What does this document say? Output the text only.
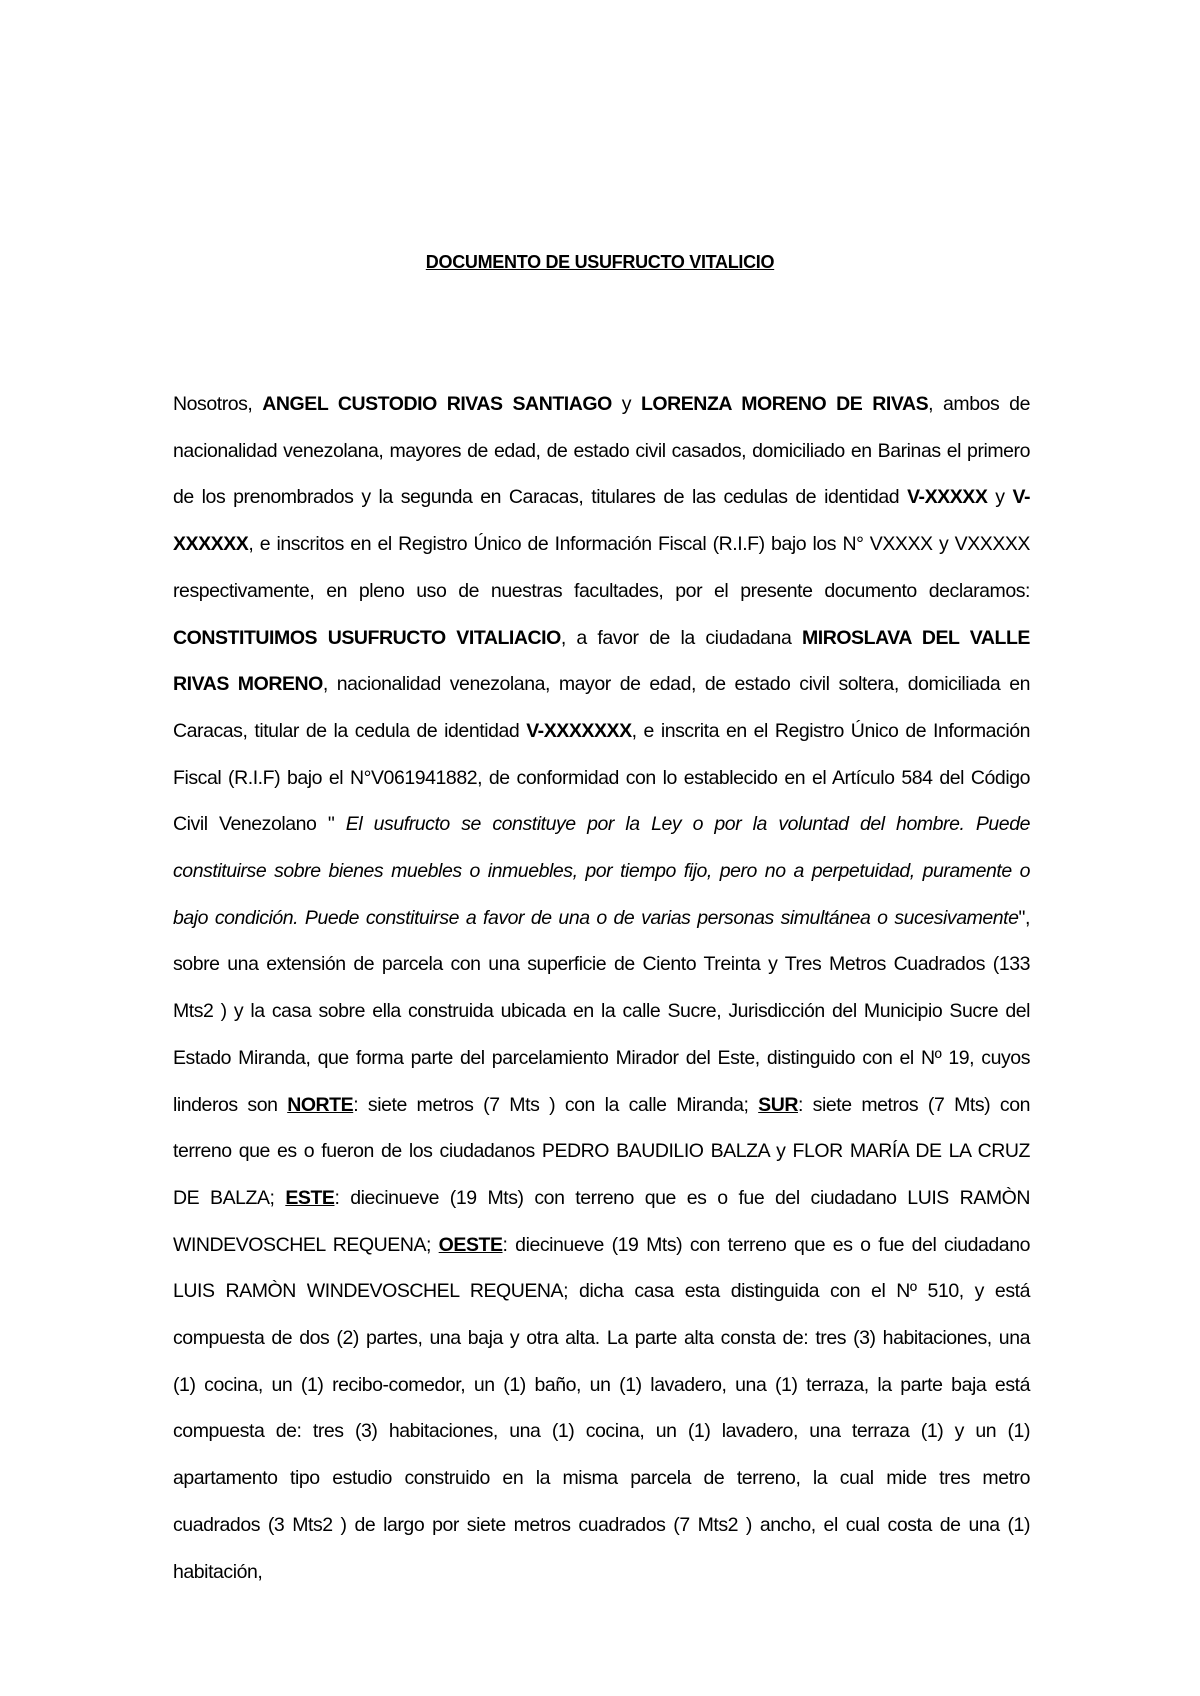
DOCUMENTO DE USUFRUCTO VITALICIO

Nosotros, ANGEL CUSTODIO RIVAS SANTIAGO y LORENZA MORENO DE RIVAS, ambos de nacionalidad venezolana, mayores de edad, de estado civil casados, domiciliado en Barinas el primero de los prenombrados y la segunda en Caracas, titulares de las cedulas de identidad V-XXXXX y V-XXXXXX, e inscritos en el Registro Único de Información Fiscal (R.I.F) bajo los N° VXXXX y VXXXXX respectivamente, en pleno uso de nuestras facultades, por el presente documento declaramos: CONSTITUIMOS USUFRUCTO VITALIACIO, a favor de la ciudadana MIROSLAVA DEL VALLE RIVAS MORENO, nacionalidad venezolana, mayor de edad, de estado civil soltera, domiciliada en Caracas, titular de la cedula de identidad V-XXXXXXX, e inscrita en el Registro Único de Información Fiscal (R.I.F) bajo el N°V061941882, de conformidad con lo establecido en el Artículo 584 del Código Civil Venezolano " El usufructo se constituye por la Ley o por la voluntad del hombre. Puede constituirse sobre bienes muebles o inmuebles, por tiempo fijo, pero no a perpetuidad, puramente o bajo condición. Puede constituirse a favor de una o de varias personas simultánea o sucesivamente", sobre una extensión de parcela con una superficie de Ciento Treinta y Tres Metros Cuadrados (133 Mts2 ) y la casa sobre ella construida ubicada en la calle Sucre, Jurisdicción del Municipio Sucre del Estado Miranda, que forma parte del parcelamiento Mirador del Este, distinguido con el Nº 19, cuyos linderos son NORTE: siete metros (7 Mts ) con la calle Miranda; SUR: siete metros (7 Mts) con terreno que es o fueron de los ciudadanos PEDRO BAUDILIO BALZA y FLOR MARÍA DE LA CRUZ DE BALZA; ESTE: diecinueve (19 Mts) con terreno que es o fue del ciudadano LUIS RAMÒN WINDEVOSCHEL REQUENA; OESTE: diecinueve (19 Mts) con terreno que es o fue del ciudadano LUIS RAMÒN WINDEVOSCHEL REQUENA; dicha casa esta distinguida con el Nº 510, y está compuesta de dos (2) partes, una baja y otra alta. La parte alta consta de: tres (3) habitaciones, una (1) cocina, un (1) recibo-comedor, un (1) baño, un (1) lavadero, una (1) terraza, la parte baja está compuesta de: tres (3) habitaciones, una (1) cocina, un (1) lavadero, una terraza (1) y un (1) apartamento tipo estudio construido en la misma parcela de terreno, la cual mide tres metro cuadrados (3 Mts2 ) de largo por siete metros cuadrados (7 Mts2 ) ancho, el cual costa de una (1) habitación,
